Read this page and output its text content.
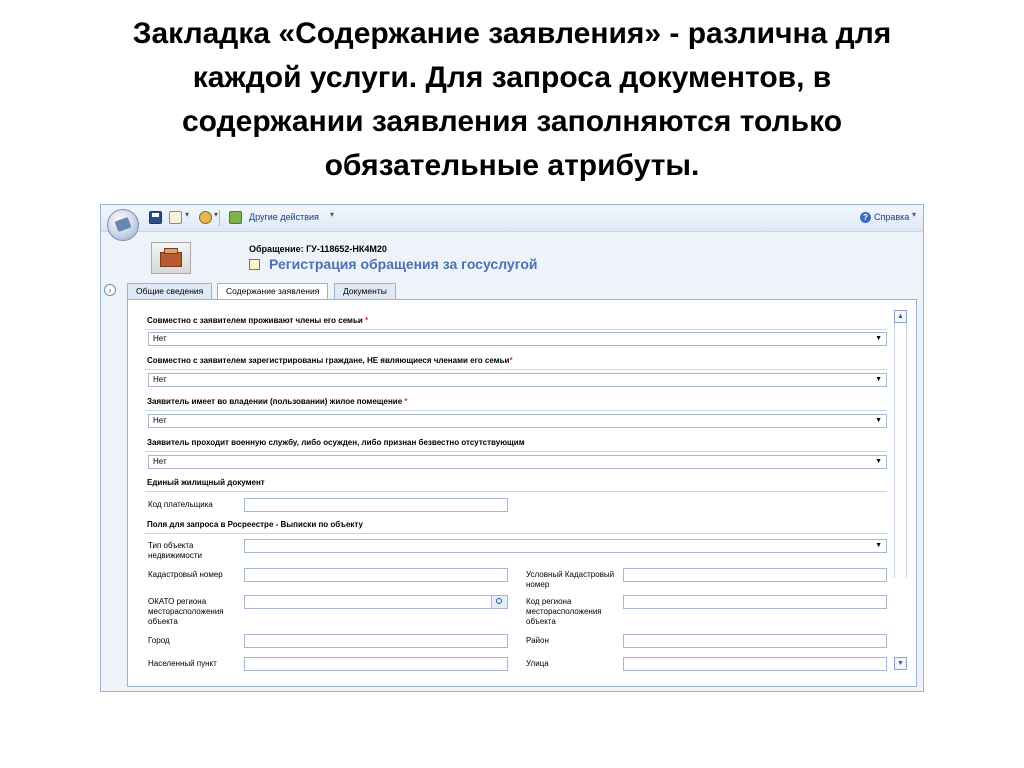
Закладка «Содержание заявления» - различна для
каждой услуги. Для запроса документов, в
содержании заявления заполняются только
обязательные атрибуты.
▾	▾	Другие действия ▾	? Справка ▾
Обращение: ГУ-118652-НК4М20
Регистрация обращения за госуслугой
›	Общие сведения	Содержание заявления	Документы
Совместно с заявителем проживают члены его семьи *
Нет	▼
Совместно с заявителем зарегистрированы граждане, НЕ являющиеся членами его семьи*
Нет	▼
Заявитель имеет во владении (пользовании) жилое помещение *
Нет	▼
Заявитель проходит военную службу, либо осужден, либо признан безвестно отсутствующим
Нет	▼
Единый жилищный документ
Код плательщика
Поля для запроса в Росреестре - Выписки по объекту
Тип объекта недвижимости
▼
Кадастровый номер	Условный Кадастровый номер
ОКАТО региона месторасположения объекта
Код региона месторасположения объекта
Город	Район
Населенный пункт	Улица
▲
▼
